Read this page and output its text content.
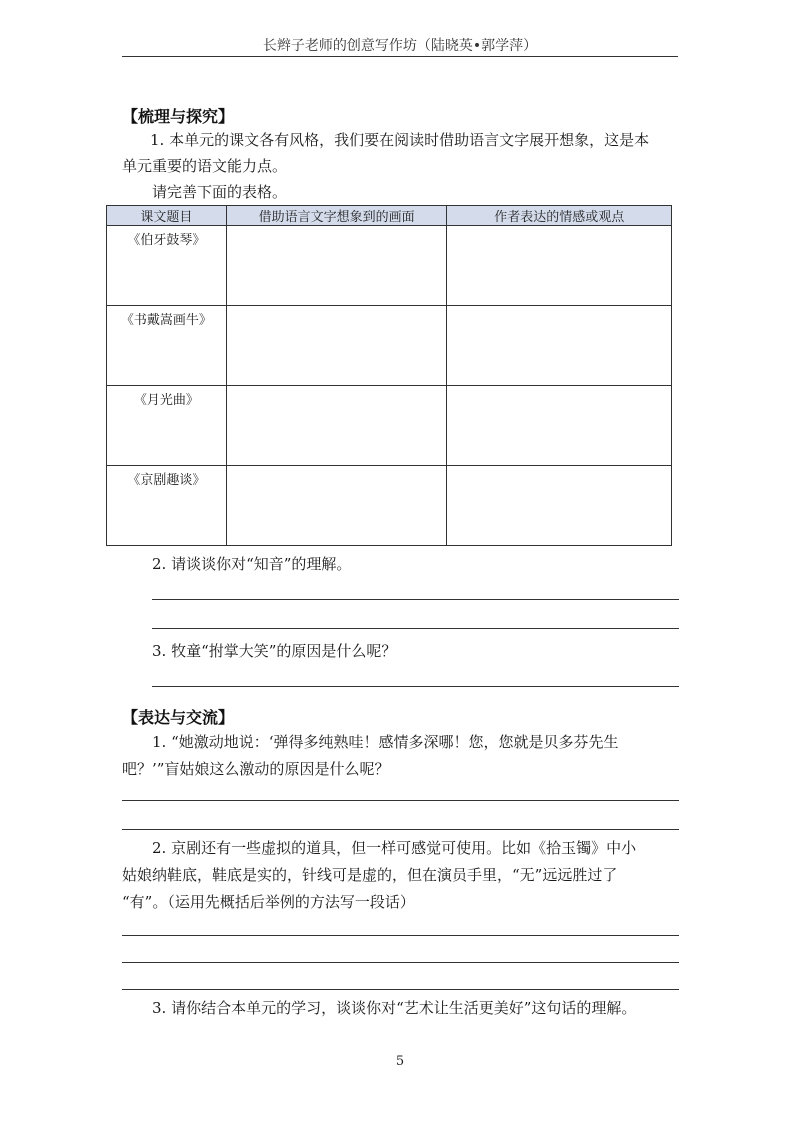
长辫子老师的创意写作坊（陆晓英•郭学萍）
【梳理与探究】
1. 本单元的课文各有风格，我们要在阅读时借助语言文字展开想象，这是本
单元重要的语文能力点。
请完善下面的表格。
课文题目	借助语言文字想象到的画面	作者表达的情感或观点
《伯牙鼓琴》		
《书戴嵩画牛》		
《月光曲》		
《京剧趣谈》		
2. 请谈谈你对“知音”的理解。
3. 牧童“拊掌大笑”的原因是什么呢？
【表达与交流】
1. “她激动地说：‘弹得多纯熟哇！感情多深哪！您，您就是贝多芬先生
吧？’”盲姑娘这么激动的原因是什么呢？
2. 京剧还有一些虚拟的道具，但一样可感觉可使用。比如《拾玉镯》中小
姑娘纳鞋底，鞋底是实的，针线可是虚的，但在演员手里，“无”远远胜过了
“有”。（运用先概括后举例的方法写一段话）
3. 请你结合本单元的学习，谈谈你对“艺术让生活更美好”这句话的理解。
5
